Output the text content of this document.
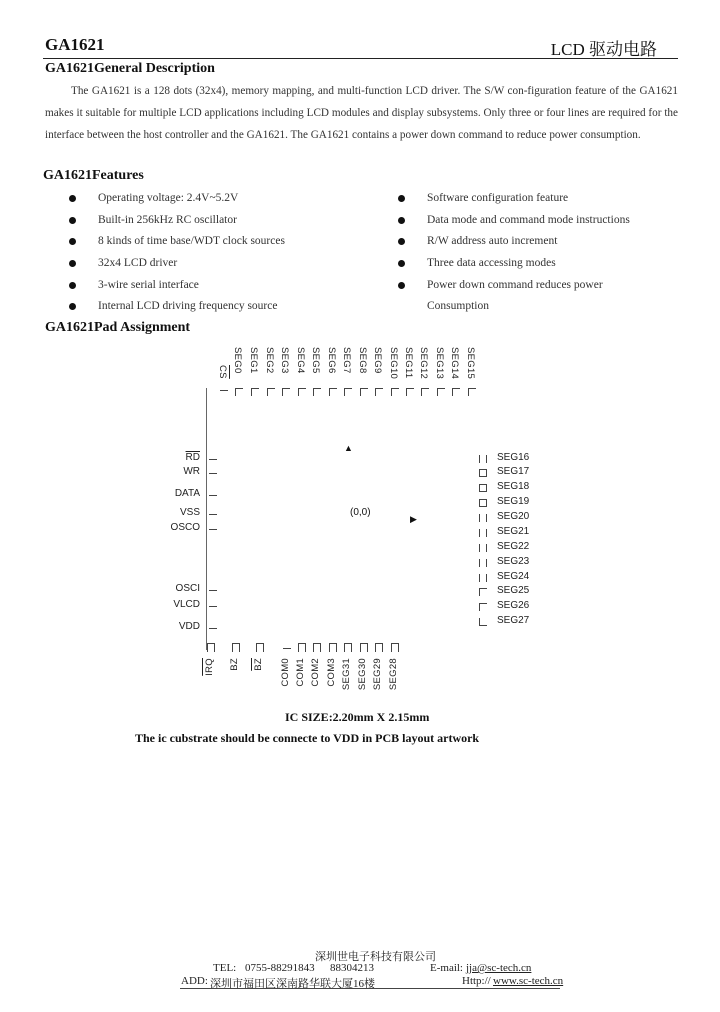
GA1621	LCD 驱动电路
GA1621General Description

The GA1621 is a 128 dots (32x4), memory mapping, and multi-function LCD driver. The S/W con-figuration feature of the GA1621 makes it suitable for multiple LCD applications including LCD modules and display subsystems. Only three or four lines are required for the interface between the host controller and the GA1621. The GA1621 contains a power down command to reduce power consumption.

GA1621Features
Operating voltage: 2.4V~5.2V
Built-in 256kHz RC oscillator
8 kinds of time base/WDT clock sources
32x4 LCD driver
3-wire serial interface
Internal LCD driving frequency source
Software configuration feature
Data mode and command mode instructions
R/W address auto increment
Three data accessing modes
Power down command reduces power
Consumption
GA1621Pad Assignment
(0,0)
▲
▶
CS SEG0 SEG1 SEG2 SEG3 SEG4 SEG5 SEG6 SEG7 SEG8 SEG9 SEG10 SEG11 SEG12 SEG13 SEG14 SEG15
$\overline{RD}$
WR
DATA
VSS
OSCO
OSCI
VLCD
VDD
SEG16
SEG17
SEG18
SEG19
SEG20
SEG21
SEG22
SEG23
SEG24
SEG25
SEG26
SEG27
IRQ BZ BZ COM0 COM1 COM2 COM3 SEG31 SEG30 SEG29 SEG28
IC SIZE:2.20mm X 2.15mm
The ic cubstrate should be connecte to VDD in PCB layout artwork
深圳世电子科技有限公司
TEL: 0755-88291843 88304213	E-mail: jja@sc-tech.cn
ADD: 深圳市福田区深南路华联大厦16楼	Http:// www.sc-tech.cn
